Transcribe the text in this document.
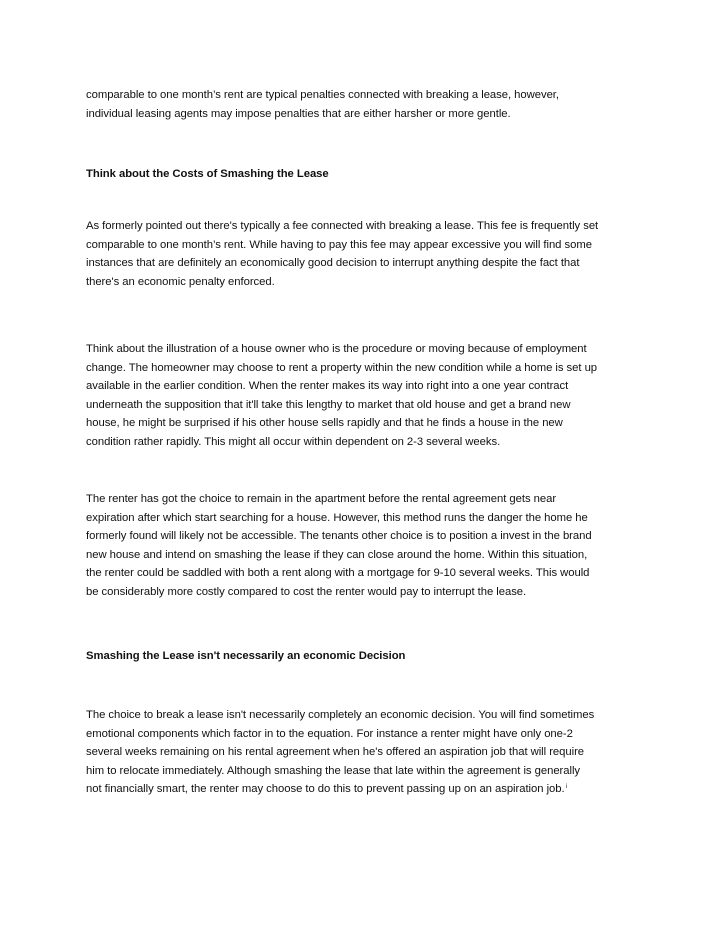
comparable to one month’s rent are typical penalties connected with breaking a lease, however,
individual leasing agents may impose penalties that are either harsher or more gentle.
Think about the Costs of Smashing the Lease
As formerly pointed out there's typically a fee connected with breaking a lease. This fee is frequently set
comparable to one month’s rent. While having to pay this fee may appear excessive you will find some
instances that are definitely an economically good decision to interrupt anything despite the fact that
there's an economic penalty enforced.
Think about the illustration of a house owner who is the procedure or moving because of employment
change. The homeowner may choose to rent a property within the new condition while a home is set up
available in the earlier condition. When the renter makes its way into right into a one year contract
underneath the supposition that it'll take this lengthy to market that old house and get a brand new
house, he might be surprised if his other house sells rapidly and that he finds a house in the new
condition rather rapidly. This might all occur within dependent on 2-3 several weeks.
The renter has got the choice to remain in the apartment before the rental agreement gets near
expiration after which start searching for a house. However, this method runs the danger the home he
formerly found will likely not be accessible. The tenants other choice is to position a invest in the brand
new house and intend on smashing the lease if they can close around the home. Within this situation,
the renter could be saddled with both a rent along with a mortgage for 9-10 several weeks. This would
be considerably more costly compared to cost the renter would pay to interrupt the lease.
Smashing the Lease isn't necessarily an economic Decision
The choice to break a lease isn't necessarily completely an economic decision. You will find sometimes
emotional components which factor in to the equation. For instance a renter might have only one-2
several weeks remaining on his rental agreement when he's offered an aspiration job that will require
him to relocate immediately. Although smashing the lease that late within the agreement is generally
not financially smart, the renter may choose to do this to prevent passing up on an aspiration job.$^i$
